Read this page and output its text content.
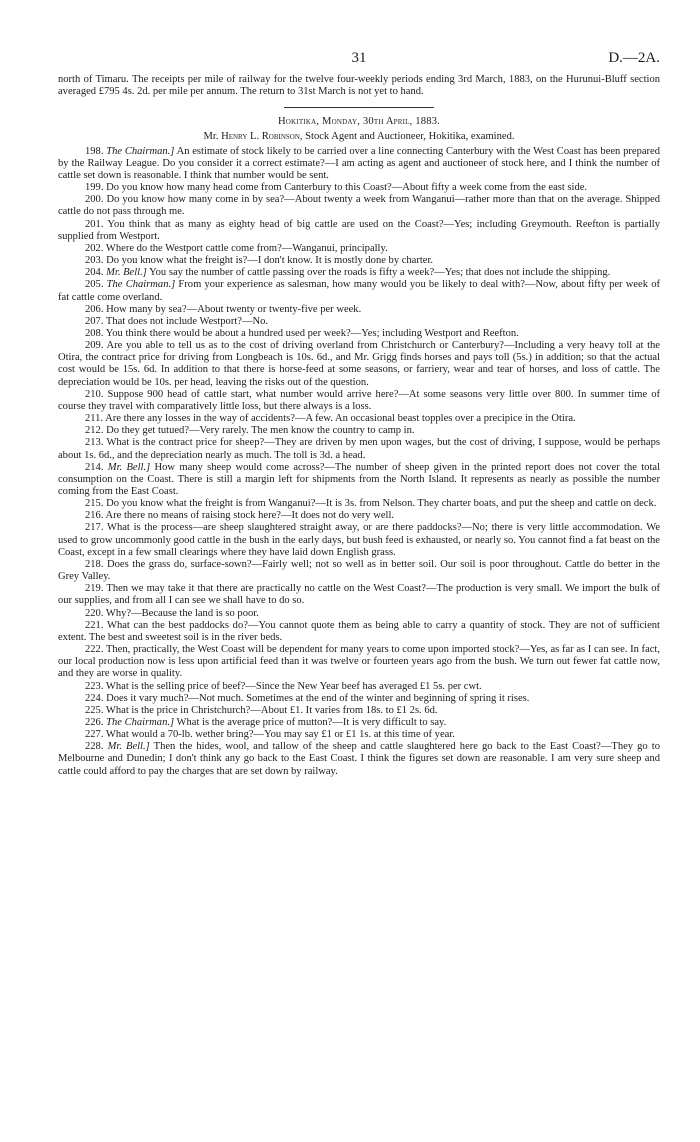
31	D.—2A.

north of Timaru. The receipts per mile of railway for the twelve four-weekly periods ending 3rd March, 1883, on the Hurunui-Bluff section averaged £795 4s. 2d. per mile per annum. The return to 31st March is not yet to hand.

Hokitika, Monday, 30th April, 1883.
Mr. Henry L. Robinson, Stock Agent and Auctioneer, Hokitika, examined.

198. The Chairman.] An estimate of stock likely to be carried over a line connecting Canterbury with the West Coast has been prepared by the Railway League. Do you consider it a correct estimate?—I am acting as agent and auctioneer of stock here, and I think the number of cattle set down is reasonable. I think that number would be sent.

199. Do you know how many head come from Canterbury to this Coast?—About fifty a week come from the east side.

200. Do you know how many come in by sea?—About twenty a week from Wanganui—rather more than that on the average. Shipped cattle do not pass through me.

201. You think that as many as eighty head of big cattle are used on the Coast?—Yes; including Greymouth. Reefton is partially supplied from Westport.

202. Where do the Westport cattle come from?—Wanganui, principally.

203. Do you know what the freight is?—I don't know. It is mostly done by charter.

204. Mr. Bell.] You say the number of cattle passing over the roads is fifty a week?—Yes; that does not include the shipping.

205. The Chairman.] From your experience as salesman, how many would you be likely to deal with?—Now, about fifty per week of fat cattle come overland.

206. How many by sea?—About twenty or twenty-five per week.

207. That does not include Westport?—No.

208. You think there would be about a hundred used per week?—Yes; including Westport and Reefton.

209. Are you able to tell us as to the cost of driving overland from Christchurch or Canterbury?—Including a very heavy toll at the Otira, the contract price for driving from Longbeach is 10s. 6d., and Mr. Grigg finds horses and pays toll (5s.) in addition; so that the actual cost would be 15s. 6d. In addition to that there is horse-feed at some seasons, or farriery, wear and tear of horses, and loss of cattle. The depreciation would be 10s. per head, leaving the risks out of the question.

210. Suppose 900 head of cattle start, what number would arrive here?—At some seasons very little over 800. In summer time of course they travel with comparatively little loss, but there always is a loss.

211. Are there any losses in the way of accidents?—A few. An occasional beast topples over a precipice in the Otira.

212. Do they get tutued?—Very rarely. The men know the country to camp in.

213. What is the contract price for sheep?—They are driven by men upon wages, but the cost of driving, I suppose, would be perhaps about 1s. 6d., and the depreciation nearly as much. The toll is 3d. a head.

214. Mr. Bell.] How many sheep would come across?—The number of sheep given in the printed report does not cover the total consumption on the Coast. There is still a margin left for shipments from the North Island. It represents as nearly as possible the number coming from the East Coast.

215. Do you know what the freight is from Wanganui?—It is 3s. from Nelson. They charter boats, and put the sheep and cattle on deck.

216. Are there no means of raising stock here?—It does not do very well.

217. What is the process—are sheep slaughtered straight away, or are there paddocks?—No; there is very little accommodation. We used to grow uncommonly good cattle in the bush in the early days, but bush feed is exhausted, or nearly so. You cannot find a fat beast on the Coast, except in a few small clearings where they have laid down English grass.

218. Does the grass do, surface-sown?—Fairly well; not so well as in better soil. Our soil is poor throughout. Cattle do better in the Grey Valley.

219. Then we may take it that there are practically no cattle on the West Coast?—The production is very small. We import the bulk of our supplies, and from all I can see we shall have to do so.

220. Why?—Because the land is so poor.

221. What can the best paddocks do?—You cannot quote them as being able to carry a quantity of stock. They are not of sufficient extent. The best and sweetest soil is in the river beds.

222. Then, practically, the West Coast will be dependent for many years to come upon imported stock?—Yes, as far as I can see. In fact, our local production now is less upon artificial feed than it was twelve or fourteen years ago from the bush. We turn out fewer fat cattle now, and they are worse in quality.

223. What is the selling price of beef?—Since the New Year beef has averaged £1 5s. per cwt.

224. Does it vary much?—Not much. Sometimes at the end of the winter and beginning of spring it rises.

225. What is the price in Christchurch?—About £1. It varies from 18s. to £1 2s. 6d.

226. The Chairman.] What is the average price of mutton?—It is very difficult to say.

227. What would a 70-lb. wether bring?—You may say £1 or £1 1s. at this time of year.

228. Mr. Bell.] Then the hides, wool, and tallow of the sheep and cattle slaughtered here go back to the East Coast?—They go to Melbourne and Dunedin; I don't think any go back to the East Coast. I think the figures set down are reasonable. I am very sure sheep and cattle could afford to pay the charges that are set down by railway.
